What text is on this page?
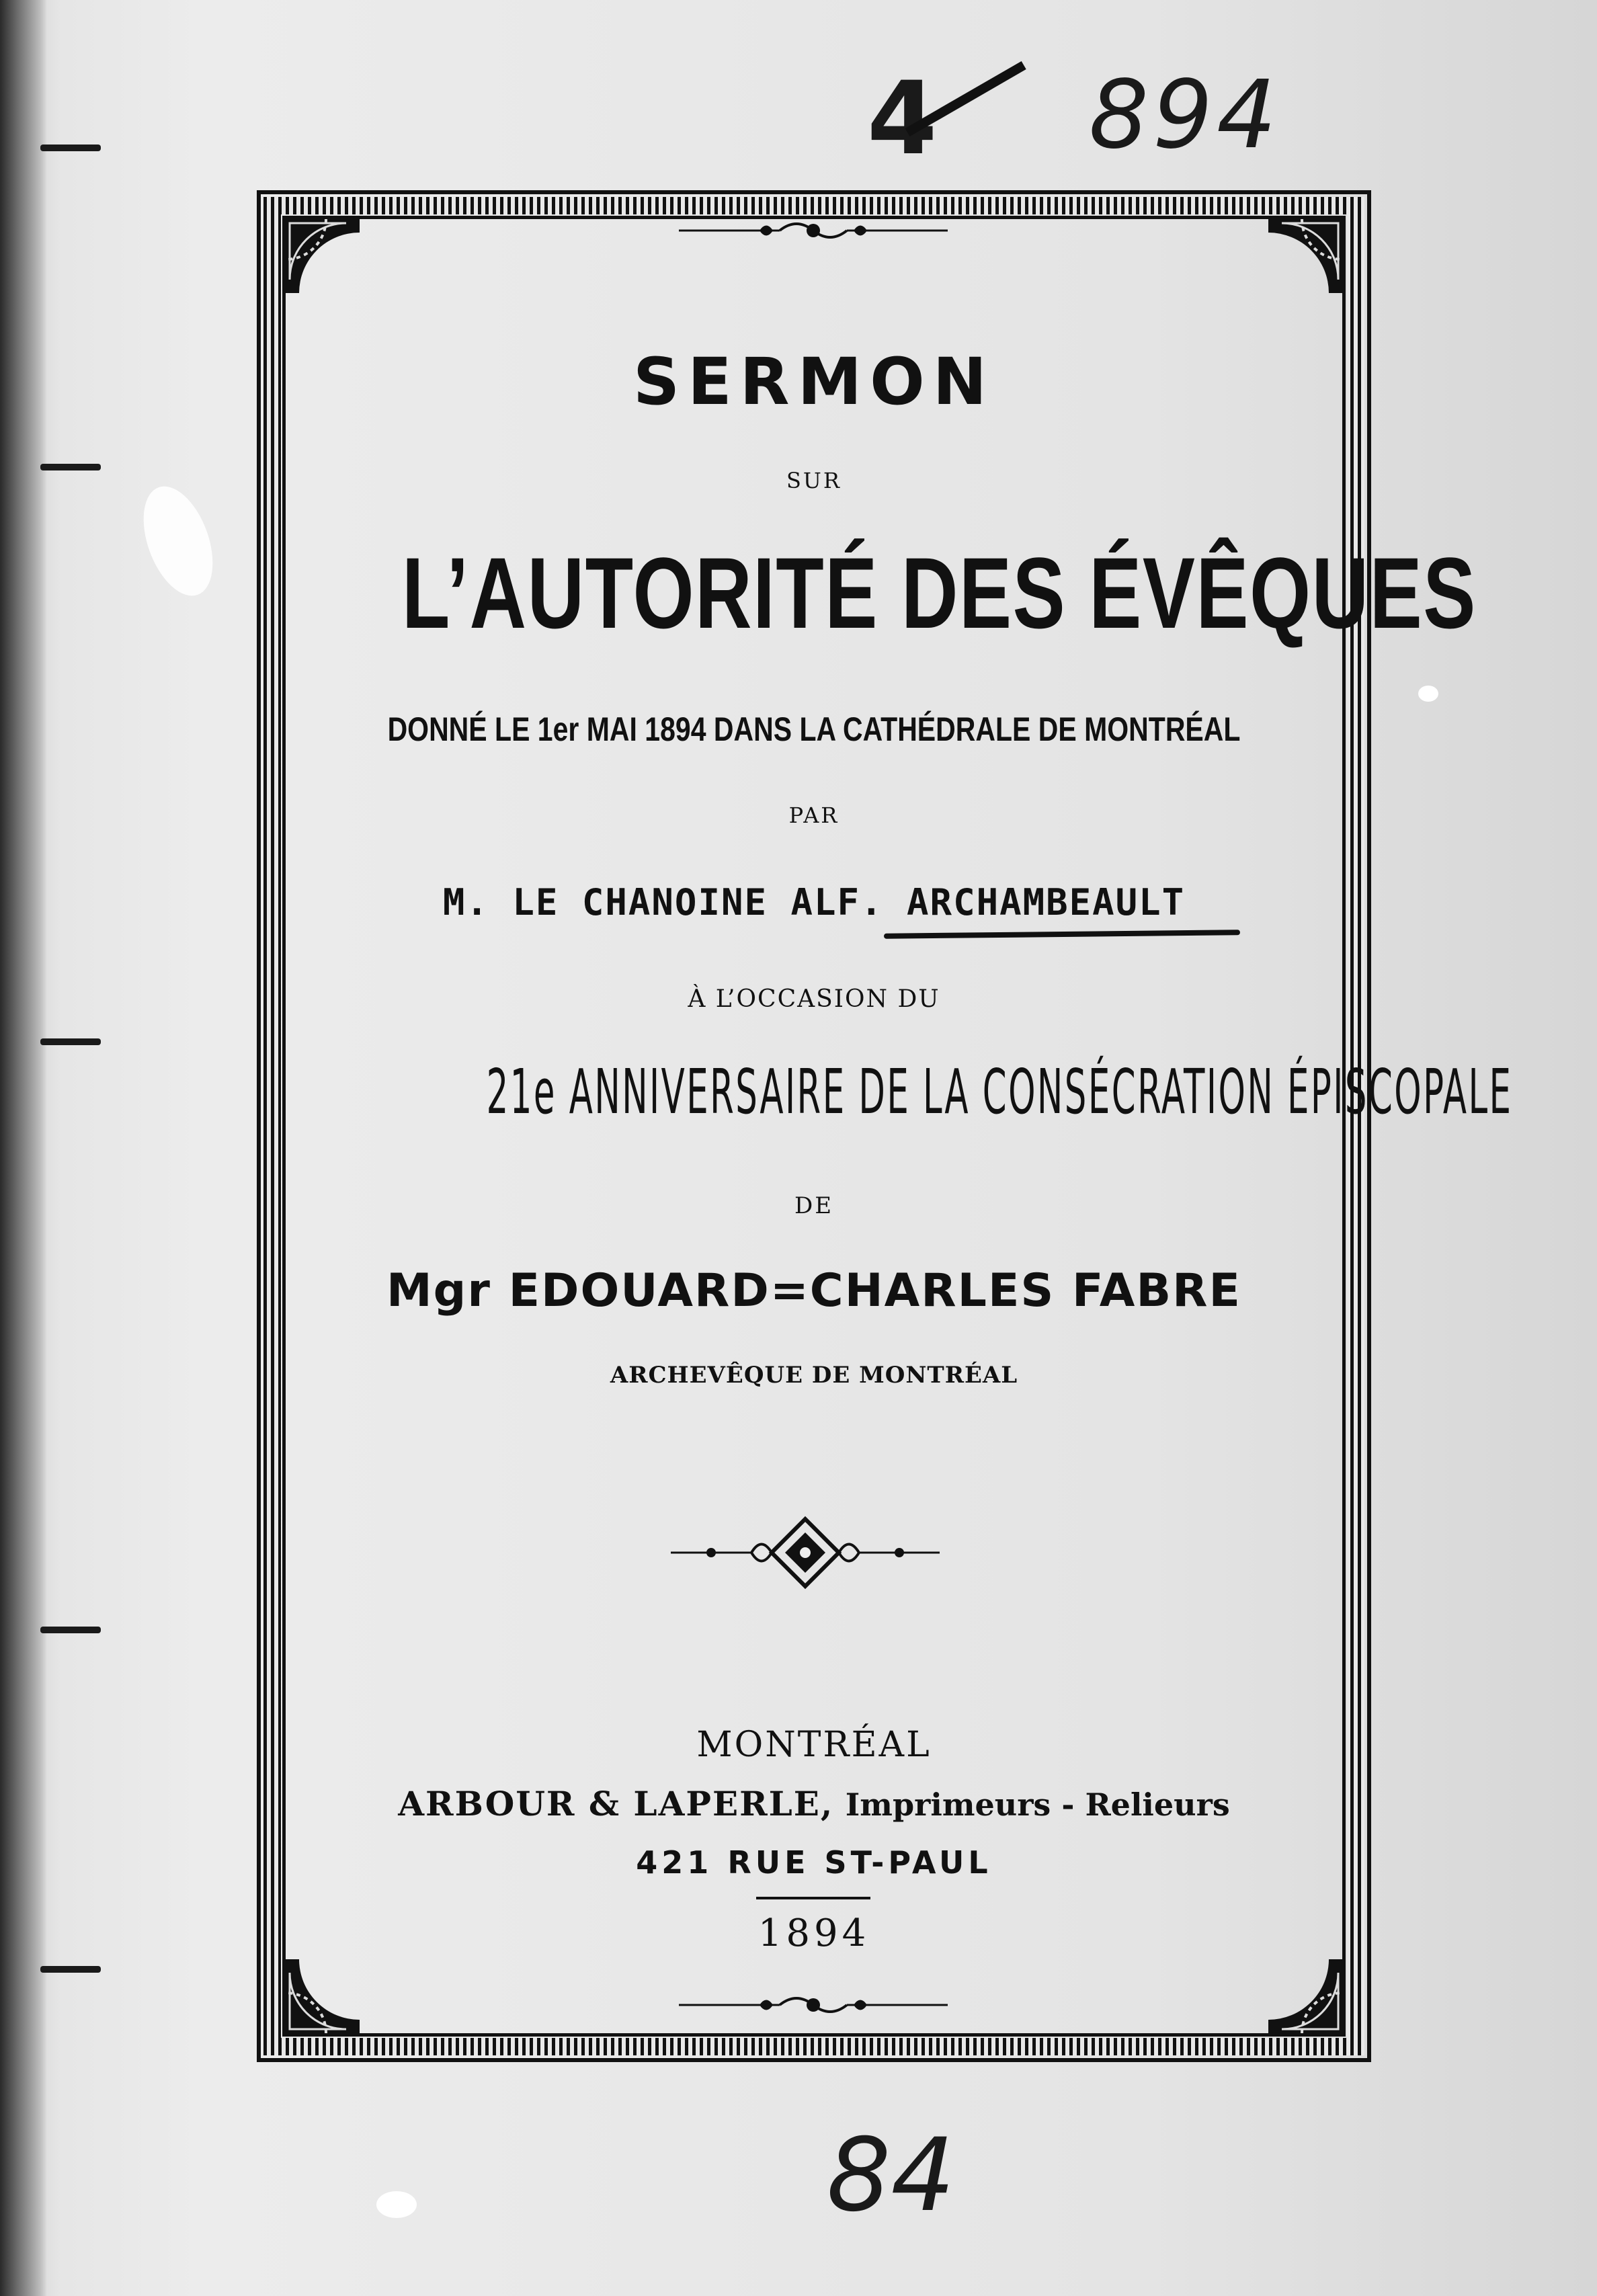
4 894
84

SERMON

SUR

L’AUTORITÉ DES ÉVÊQUES

DONNÉ LE 1er MAI 1894 DANS LA CATHÉDRALE DE MONTRÉAL

PAR

M. LE CHANOINE ALF. ARCHAMBEAULT

À L’OCCASION DU

21e ANNIVERSAIRE DE LA CONSÉCRATION ÉPISCOPALE

DE

Mgr EDOUARD=CHARLES FABRE

ARCHEVÊQUE DE MONTRÉAL

MONTRÉAL

ARBOUR & LAPERLE, Imprimeurs - Relieurs

421 RUE ST-PAUL

1894
